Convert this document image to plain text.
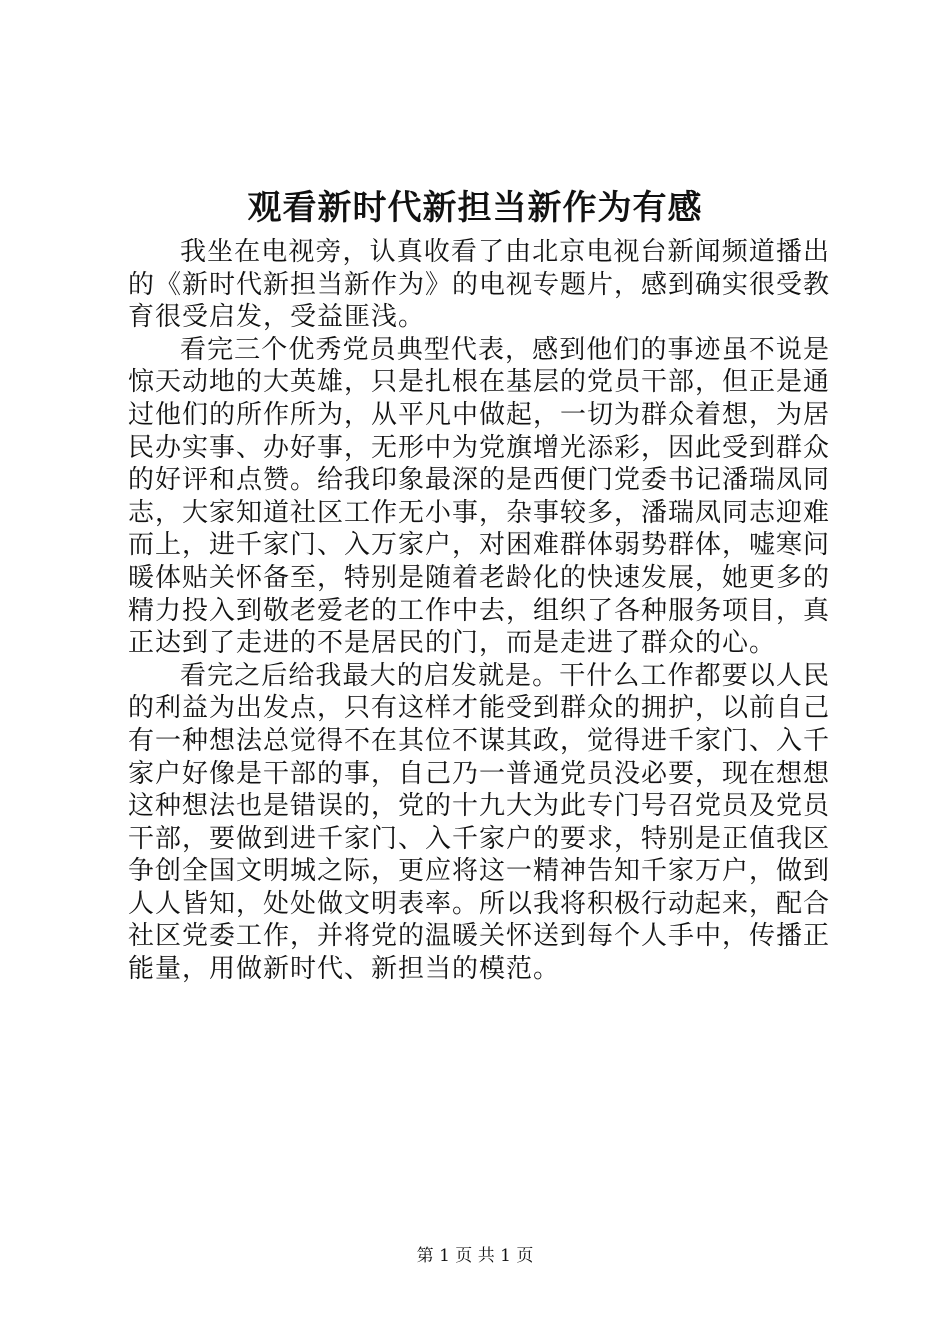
观看新时代新担当新作为有感

我坐在电视旁，认真收看了由北京电视台新闻频道播出的《新时代新担当新作为》的电视专题片，感到确实很受教育很受启发，受益匪浅。

看完三个优秀党员典型代表，感到他们的事迹虽不说是惊天动地的大英雄，只是扎根在基层的党员干部，但正是通过他们的所作所为，从平凡中做起，一切为群众着想，为居民办实事、办好事，无形中为党旗增光添彩，因此受到群众的好评和点赞。给我印象最深的是西便门党委书记潘瑞凤同志，大家知道社区工作无小事，杂事较多，潘瑞凤同志迎难而上，进千家门、入万家户，对困难群体弱势群体，嘘寒问暖体贴关怀备至，特别是随着老龄化的快速发展，她更多的精力投入到敬老爱老的工作中去，组织了各种服务项目，真正达到了走进的不是居民的门，而是走进了群众的心。

看完之后给我最大的启发就是。干什么工作都要以人民的利益为出发点，只有这样才能受到群众的拥护，以前自己有一种想法总觉得不在其位不谋其政，觉得进千家门、入千家户好像是干部的事，自己乃一普通党员没必要，现在想想这种想法也是错误的，党的十九大为此专门号召党员及党员干部，要做到进千家门、入千家户的要求，特别是正值我区争创全国文明城之际，更应将这一精神告知千家万户，做到人人皆知，处处做文明表率。所以我将积极行动起来，配合社区党委工作，并将党的温暖关怀送到每个人手中，传播正能量，用做新时代、新担当的模范。

第 1 页 共 1 页
